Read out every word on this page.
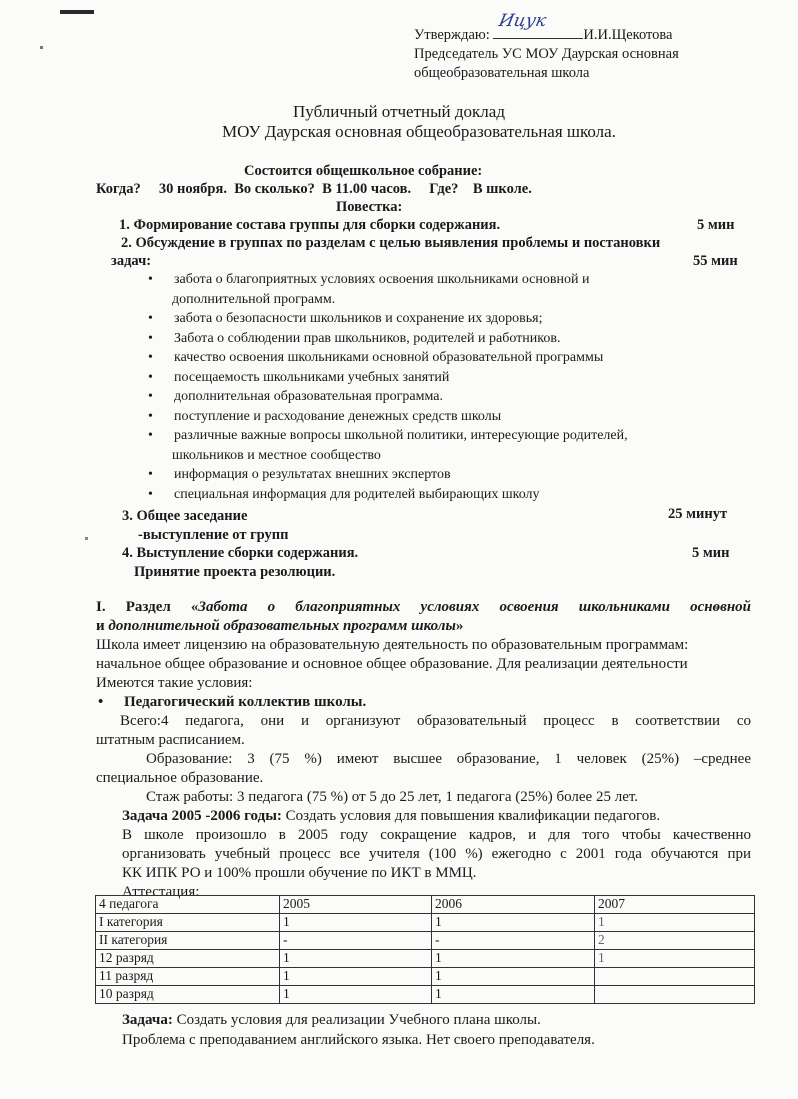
Утверждаю:
Ицук
И.И.Щекотова
Председатель УС МОУ Даурская основная
общеобразовательная школа
Публичный отчетный доклад
МОУ Даурская основная общеобразовательная школа.
Состоится общешкольное собрание:
Когда? 30 ноября. Во сколько? В 11.00 часов. Где? В школе.
Повестка:
1. Формирование состава группы для сборки содержания.	5 мин
2. Обсуждение в группах по разделам с целью выявления проблемы и постановки
задач:	55 мин
• забота о благоприятных условиях освоения школьниками основной и
дополнительной программ.
• забота о безопасности школьников и сохранение их здоровья;
• Забота о соблюдении прав школьников, родителей и работников.
• качество освоения школьниками основной образовательной программы
• посещаемость школьниками учебных занятий
• дополнительная образовательная программа.
• поступление и расходование денежных средств школы
• различные важные вопросы школьной политики, интересующие родителей,
школьников и местное сообщество
• информация о результатах внешних экспертов
• специальная информация для родителей выбирающих школу
3. Общее заседание	25 минут
-выступление от групп
4. Выступление сборки содержания.	5 мин
Принятие проекта резолюции.
I. Раздел «Забота о благоприятных условиях освоения школьниками основной
и дополнительной образовательных программ школы»
Школа имеет лицензию на образовательную деятельность по образовательным программам:
начальное общее образование и основное общее образование. Для реализации деятельности
Имеются такие условия:
• Педагогический коллектив школы.
Всего:4 педагога, они и организуют образовательный процесс в соответствии со
штатным расписанием.
Образование: 3 (75 %) имеют высшее образование, 1 человек (25%) –среднее
специальное образование.
Стаж работы: 3 педагога (75 %) от 5 до 25 лет, 1 педагога (25%) более 25 лет.
Задача 2005 -2006 годы: Создать условия для повышения квалификации педагогов.
В школе произошло в 2005 году сокращение кадров, и для того чтобы качественно
организовать учебный процесс все учителя (100 %) ежегодно с 2001 года обучаются при
КК ИПК РО и 100% прошли обучение по ИКТ в ММЦ.
Аттестация:
4 педагога	2005	2006	2007
I категория	1	1	1
II категория	-	-	2
12 разряд	1	1	1
11 разряд	1	1	
10 разряд	1	1	
Задача: Создать условия для реализации Учебного плана школы.
Проблема с преподаванием английского языка. Нет своего преподавателя.
